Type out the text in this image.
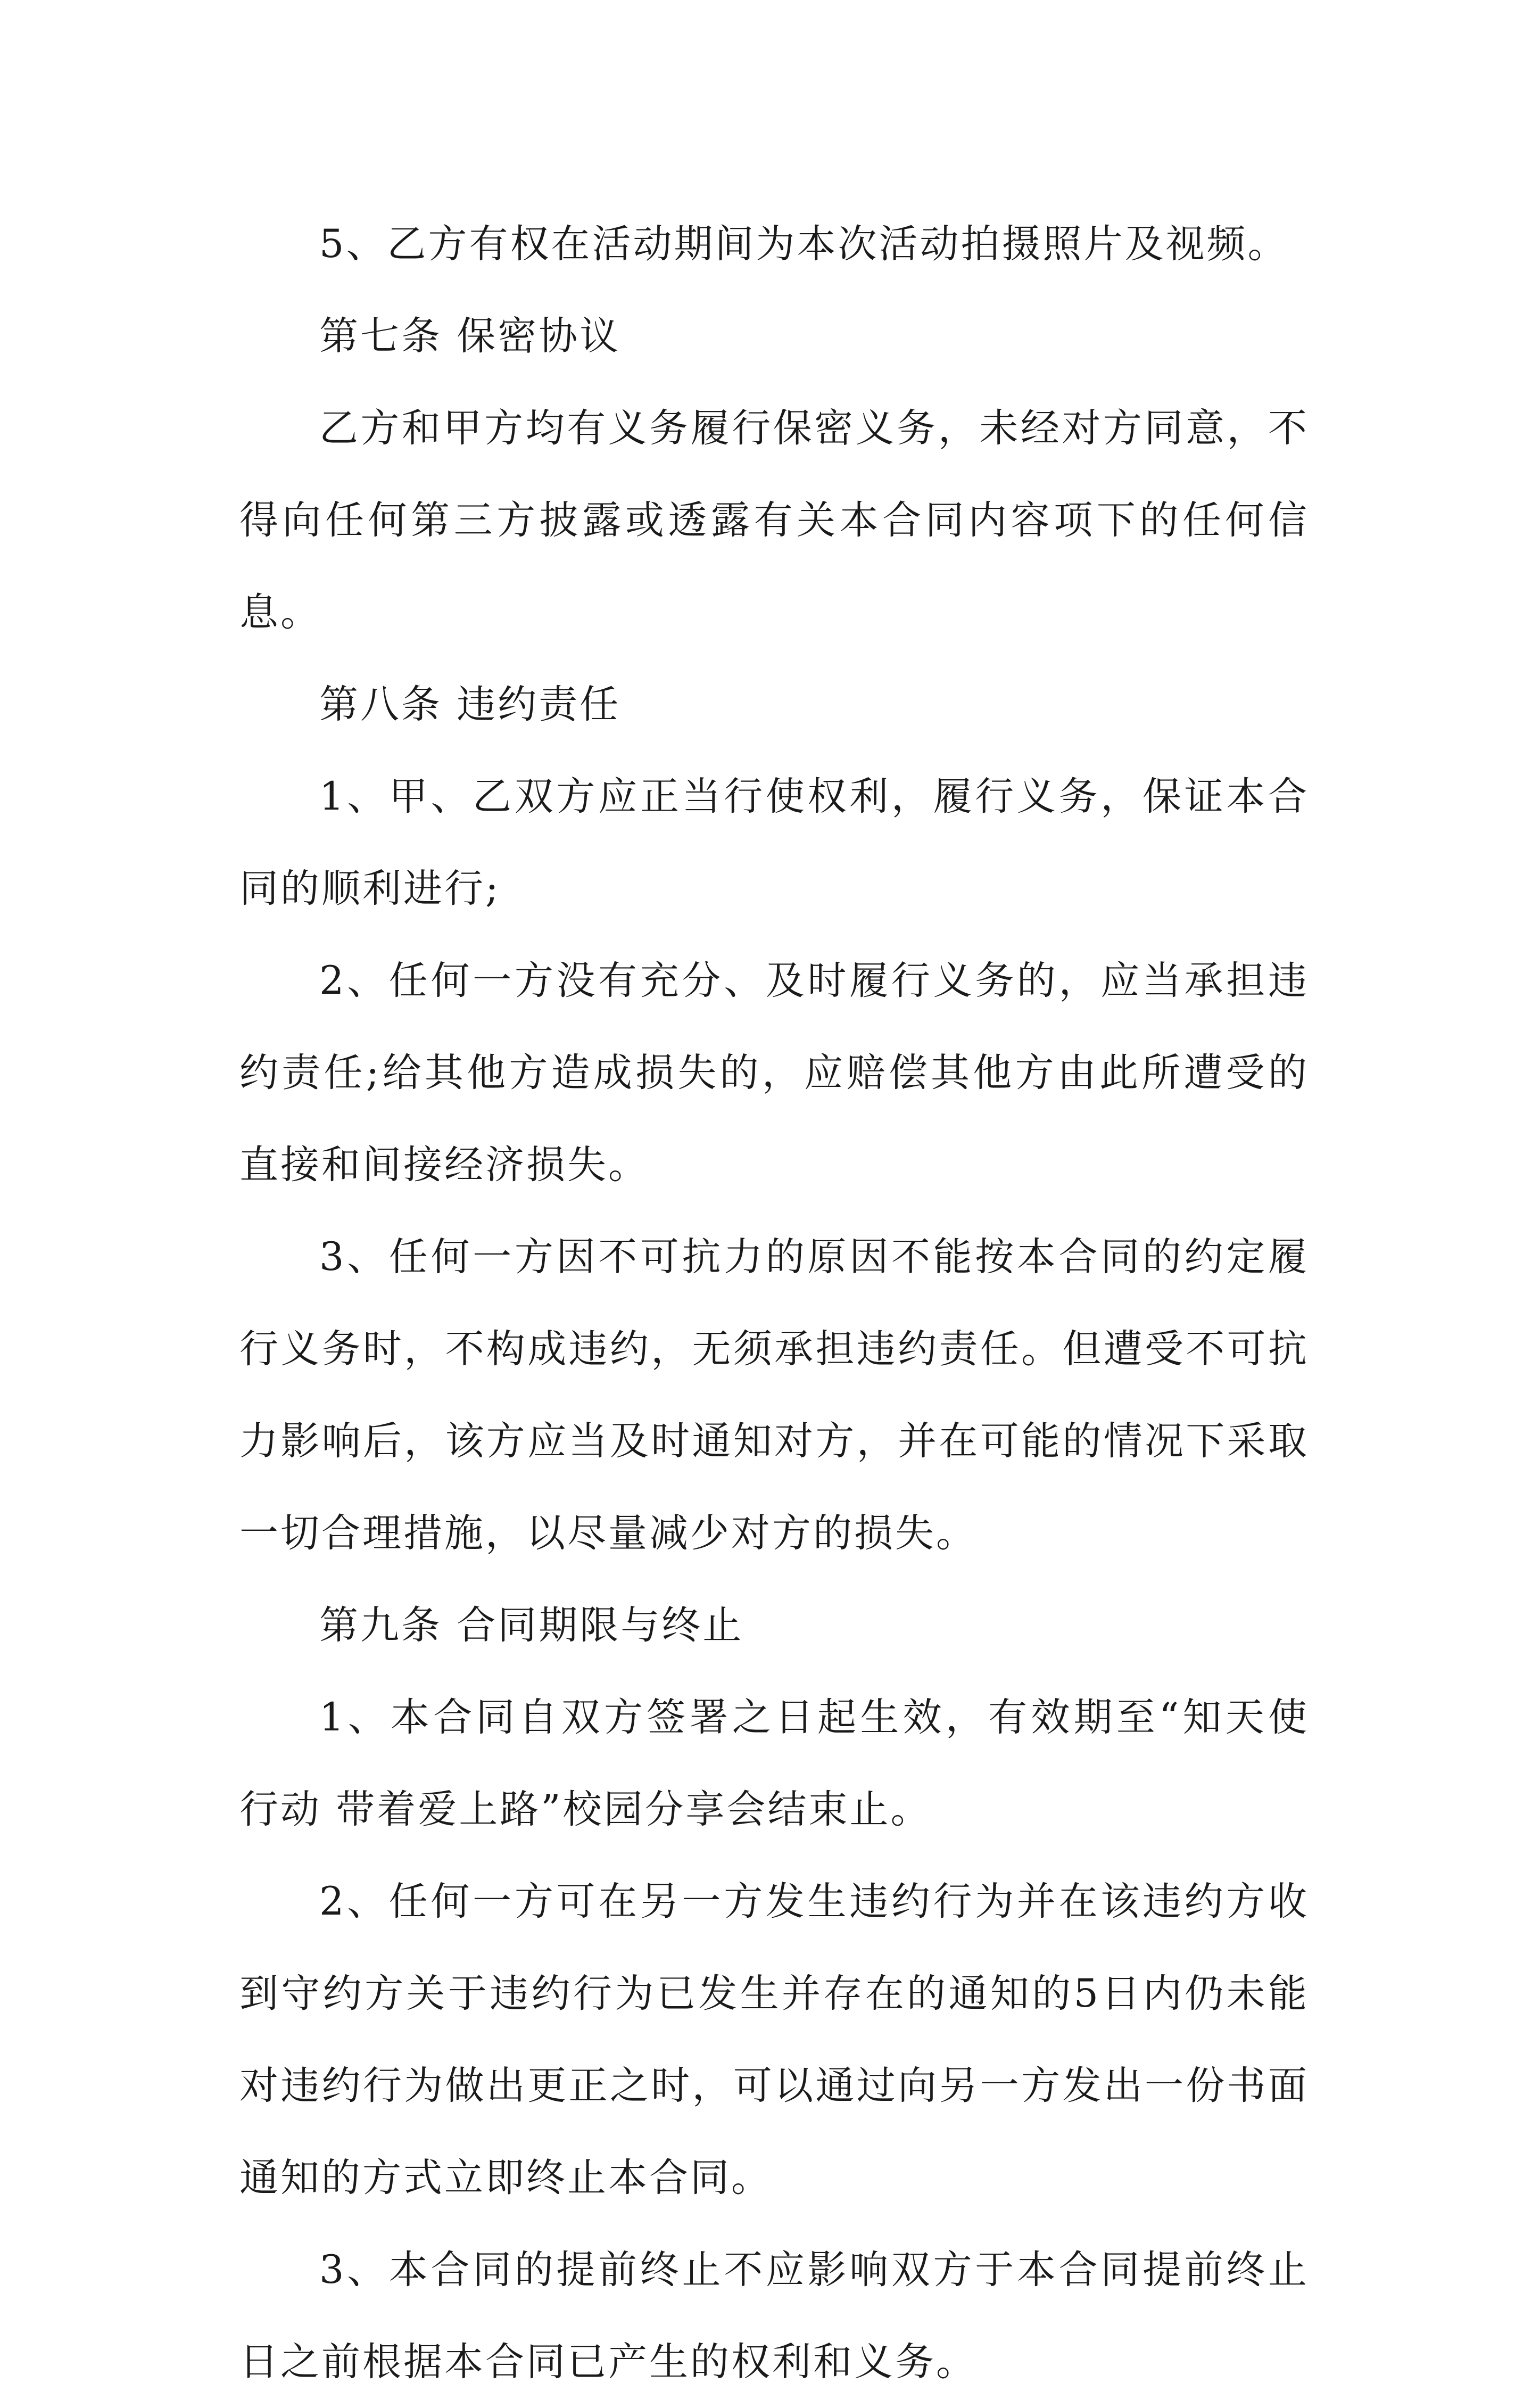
5、乙方有权在活动期间为本次活动拍摄照片及视频。

第七条 保密协议

乙方和甲方均有义务履行保密义务，未经对方同意，不得向任何第三方披露或透露有关本合同内容项下的任何信息。

第八条 违约责任

1、甲、乙双方应正当行使权利，履行义务，保证本合同的顺利进行;

2、任何一方没有充分、及时履行义务的，应当承担违约责任;给其他方造成损失的，应赔偿其他方由此所遭受的直接和间接经济损失。

3、任何一方因不可抗力的原因不能按本合同的约定履行义务时，不构成违约，无须承担违约责任。但遭受不可抗力影响后，该方应当及时通知对方，并在可能的情况下采取一切合理措施，以尽量减少对方的损失。

第九条 合同期限与终止

1、本合同自双方签署之日起生效，有效期至“知天使行动 带着爱上路”校园分享会结束止。

2、任何一方可在另一方发生违约行为并在该违约方收到守约方关于违约行为已发生并存在的通知的5日内仍未能对违约行为做出更正之时，可以通过向另一方发出一份书面通知的方式立即终止本合同。

3、本合同的提前终止不应影响双方于本合同提前终止日之前根据本合同已产生的权利和义务。
